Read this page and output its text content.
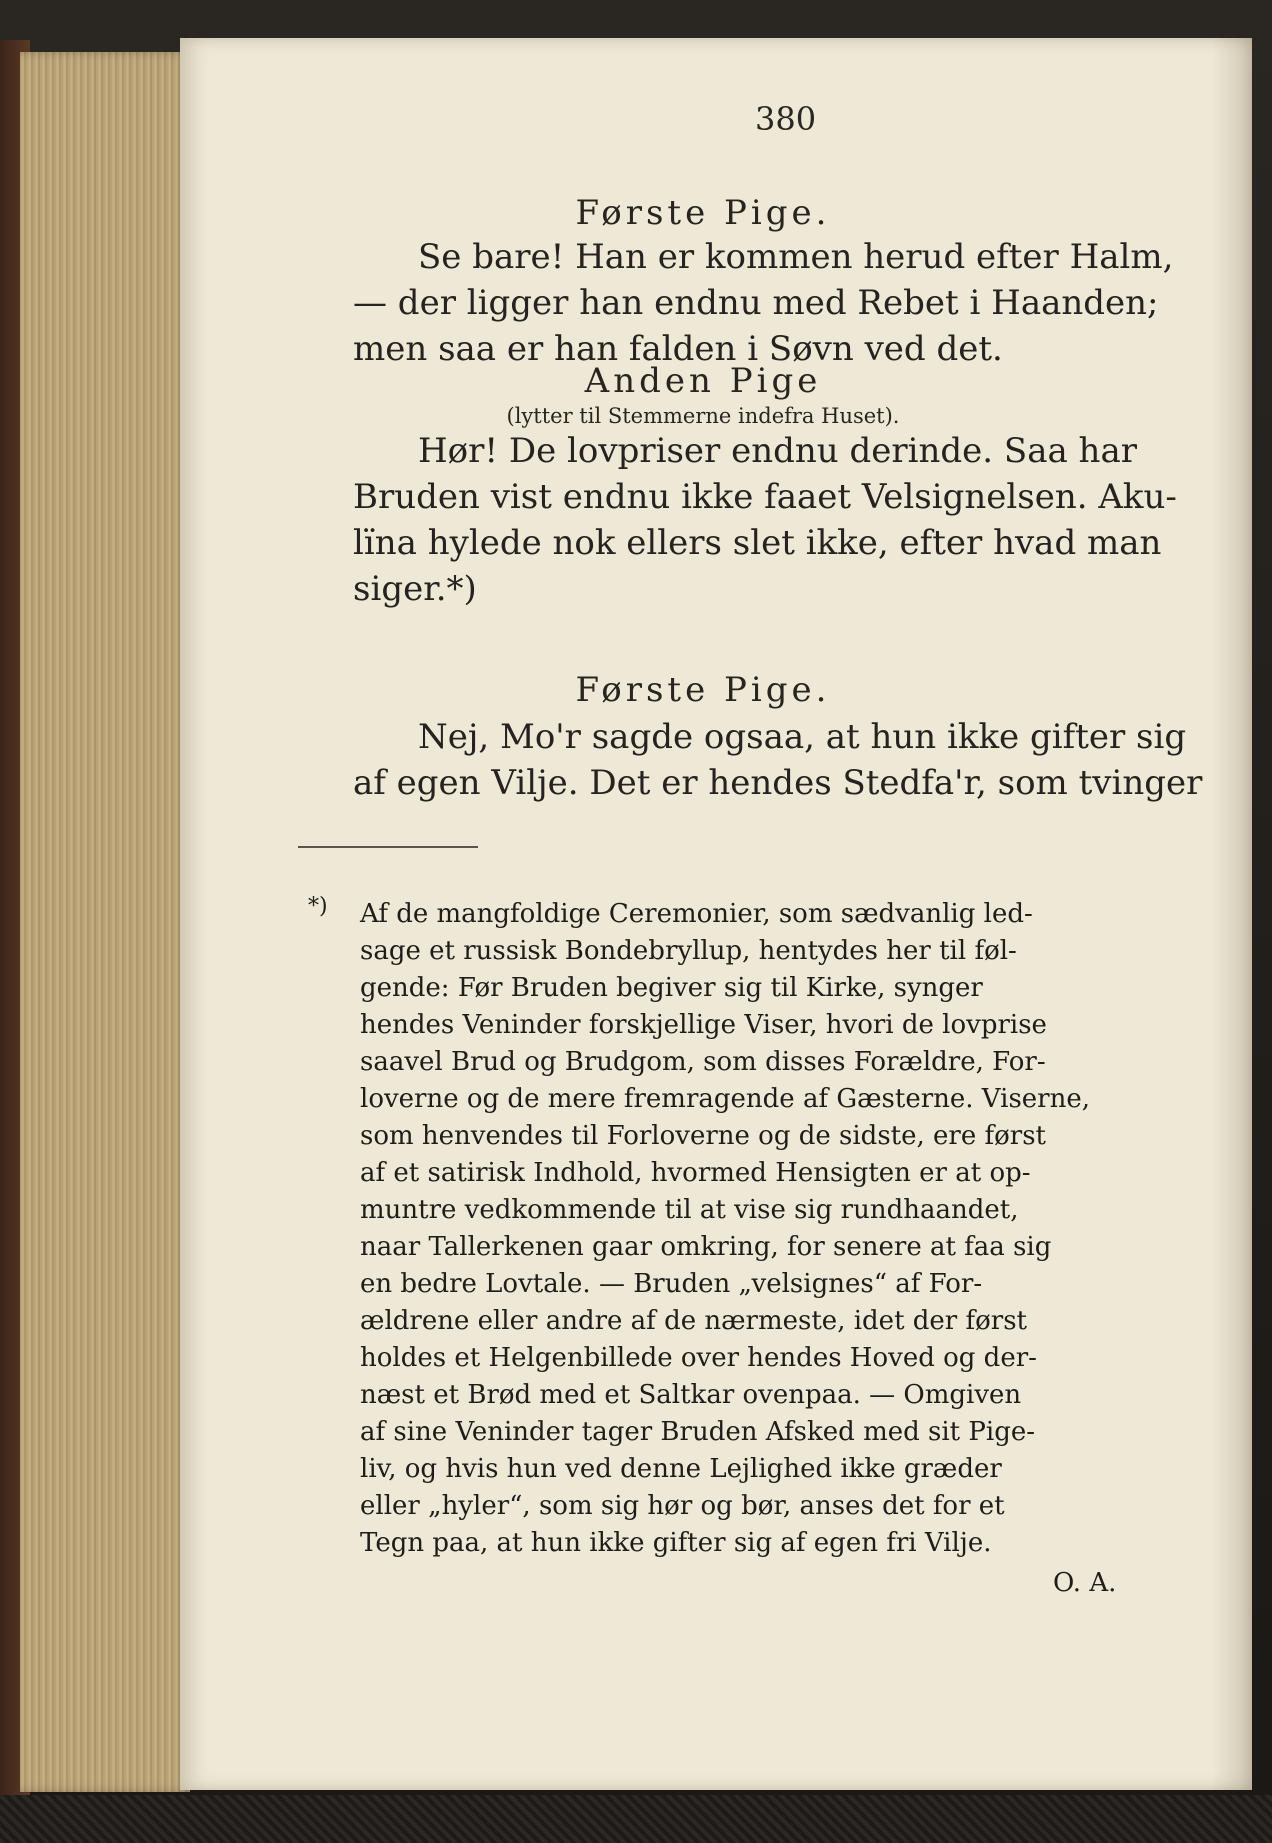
380
Første Pige.
Se bare! Han er kommen herud efter Halm,
— der ligger han endnu med Rebet i Haanden;
men saa er han falden i Søvn ved det.
Anden Pige
(lytter til Stemmerne indefra Huset).
Hør! De lovpriser endnu derinde. Saa har
Bruden vist endnu ikke faaet Velsignelsen. Aku-
lïna hylede nok ellers slet ikke, efter hvad man
siger.*)
Første Pige.
Nej, Mo'r sagde ogsaa, at hun ikke gifter sig
af egen Vilje. Det er hendes Stedfa'r, som tvinger
*)	Af de mangfoldige Ceremonier, som sædvanlig led-
sage et russisk Bondebryllup, hentydes her til føl-
gende: Før Bruden begiver sig til Kirke, synger
hendes Veninder forskjellige Viser, hvori de lovprise
saavel Brud og Brudgom, som disses Forældre, For-
loverne og de mere fremragende af Gæsterne. Viserne,
som henvendes til Forloverne og de sidste, ere først
af et satirisk Indhold, hvormed Hensigten er at op-
muntre vedkommende til at vise sig rundhaandet,
naar Tallerkenen gaar omkring, for senere at faa sig
en bedre Lovtale. — Bruden „velsignes“ af For-
ældrene eller andre af de nærmeste, idet der først
holdes et Helgenbillede over hendes Hoved og der-
næst et Brød med et Saltkar ovenpaa. — Omgiven
af sine Veninder tager Bruden Afsked med sit Pige-
liv, og hvis hun ved denne Lejlighed ikke græder
eller „hyler“, som sig hør og bør, anses det for et
Tegn paa, at hun ikke gifter sig af egen fri Vilje.
O. A.
